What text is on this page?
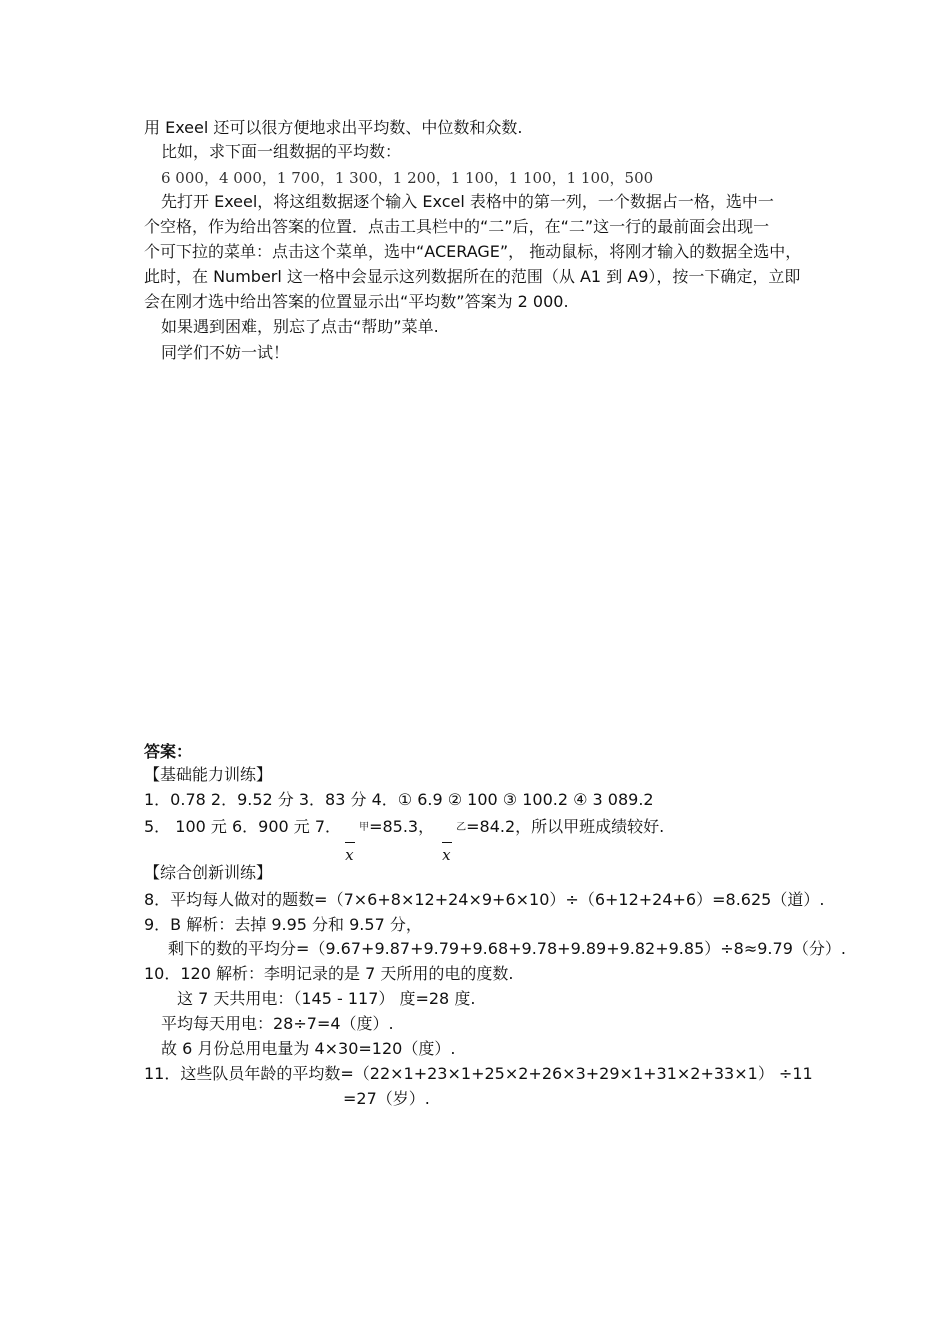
用 Exeel 还可以很方便地求出平均数、中位数和众数.
比如，求下面一组数据的平均数：
6 000，4 000，1 700，1 300，1 200，1 100，1 100，1 100，500
先打开 Exeel，将这组数据逐个输入 Excel 表格中的第一列，一个数据占一格，选中一
个空格，作为给出答案的位置．点击工具栏中的“二”后，在“二”这一行的最前面会出现一
个可下拉的菜单：点击这个菜单，选中“ACERAGE”， 拖动鼠标，将刚才输入的数据全选中，
此时，在 Numberl 这一格中会显示这列数据所在的范围（从 A1 到 A9），按一下确定，立即
会在刚才选中给出答案的位置显示出“平均数”答案为 2 000.
如果遇到困难，别忘了点击“帮助”菜单.
同学们不妨一试！
答案：
【基础能力训练】
1．0.78 2．9.52 分 3．83 分 4．① 6.9 ② 100 ③ 100.2 ④ 3 089.2
5． 100 元 6．900 元 7．
x
甲=85.3，
x
乙=84.2，所以甲班成绩较好.
【综合创新训练】
8．平均每人做对的题数=（7×6+8×12+24×9+6×10）÷（6+12+24+6）=8.625（道）.
9．B 解析：去掉 9.95 分和 9.57 分，
剩下的数的平均分=（9.67+9.87+9.79+9.68+9.78+9.89+9.82+9.85）÷8≈9.79（分）.
10．120 解析：李明记录的是 7 天所用的电的度数.
这 7 天共用电：（145 - 117） 度=28 度.
平均每天用电：28÷7=4（度）.
故 6 月份总用电量为 4×30=120（度）.
11．这些队员年龄的平均数=（22×1+23×1+25×2+26×3+29×1+31×2+33×1） ÷11
=27（岁）.
